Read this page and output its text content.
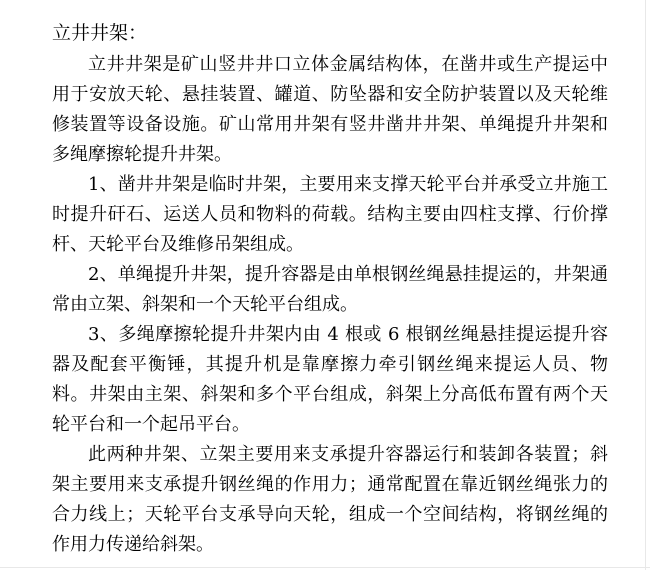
立井井架：

立井井架是矿山竖井井口立体金属结构体，在凿井或生产提运中用于安放天轮、悬挂装置、罐道、防坠器和安全防护装置以及天轮维修装置等设备设施。矿山常用井架有竖井凿井井架、单绳提升井架和多绳摩擦轮提升井架。

1、凿井井架是临时井架，主要用来支撑天轮平台并承受立井施工时提升矸石、运送人员和物料的荷载。结构主要由四柱支撑、行价撑杆、天轮平台及维修吊架组成。

2、单绳提升井架，提升容器是由单根钢丝绳悬挂提运的，井架通常由立架、斜架和一个天轮平台组成。

3、多绳摩擦轮提升井架内由 4 根或 6 根钢丝绳悬挂提运提升容器及配套平衡锤，其提升机是靠摩擦力牵引钢丝绳来提运人员、物料。井架由主架、斜架和多个平台组成，斜架上分高低布置有两个天轮平台和一个起吊平台。

此两种井架、立架主要用来支承提升容器运行和装卸各装置；斜架主要用来支承提升钢丝绳的作用力；通常配置在靠近钢丝绳张力的合力线上；天轮平台支承导向天轮，组成一个空间结构，将钢丝绳的作用力传递给斜架。
